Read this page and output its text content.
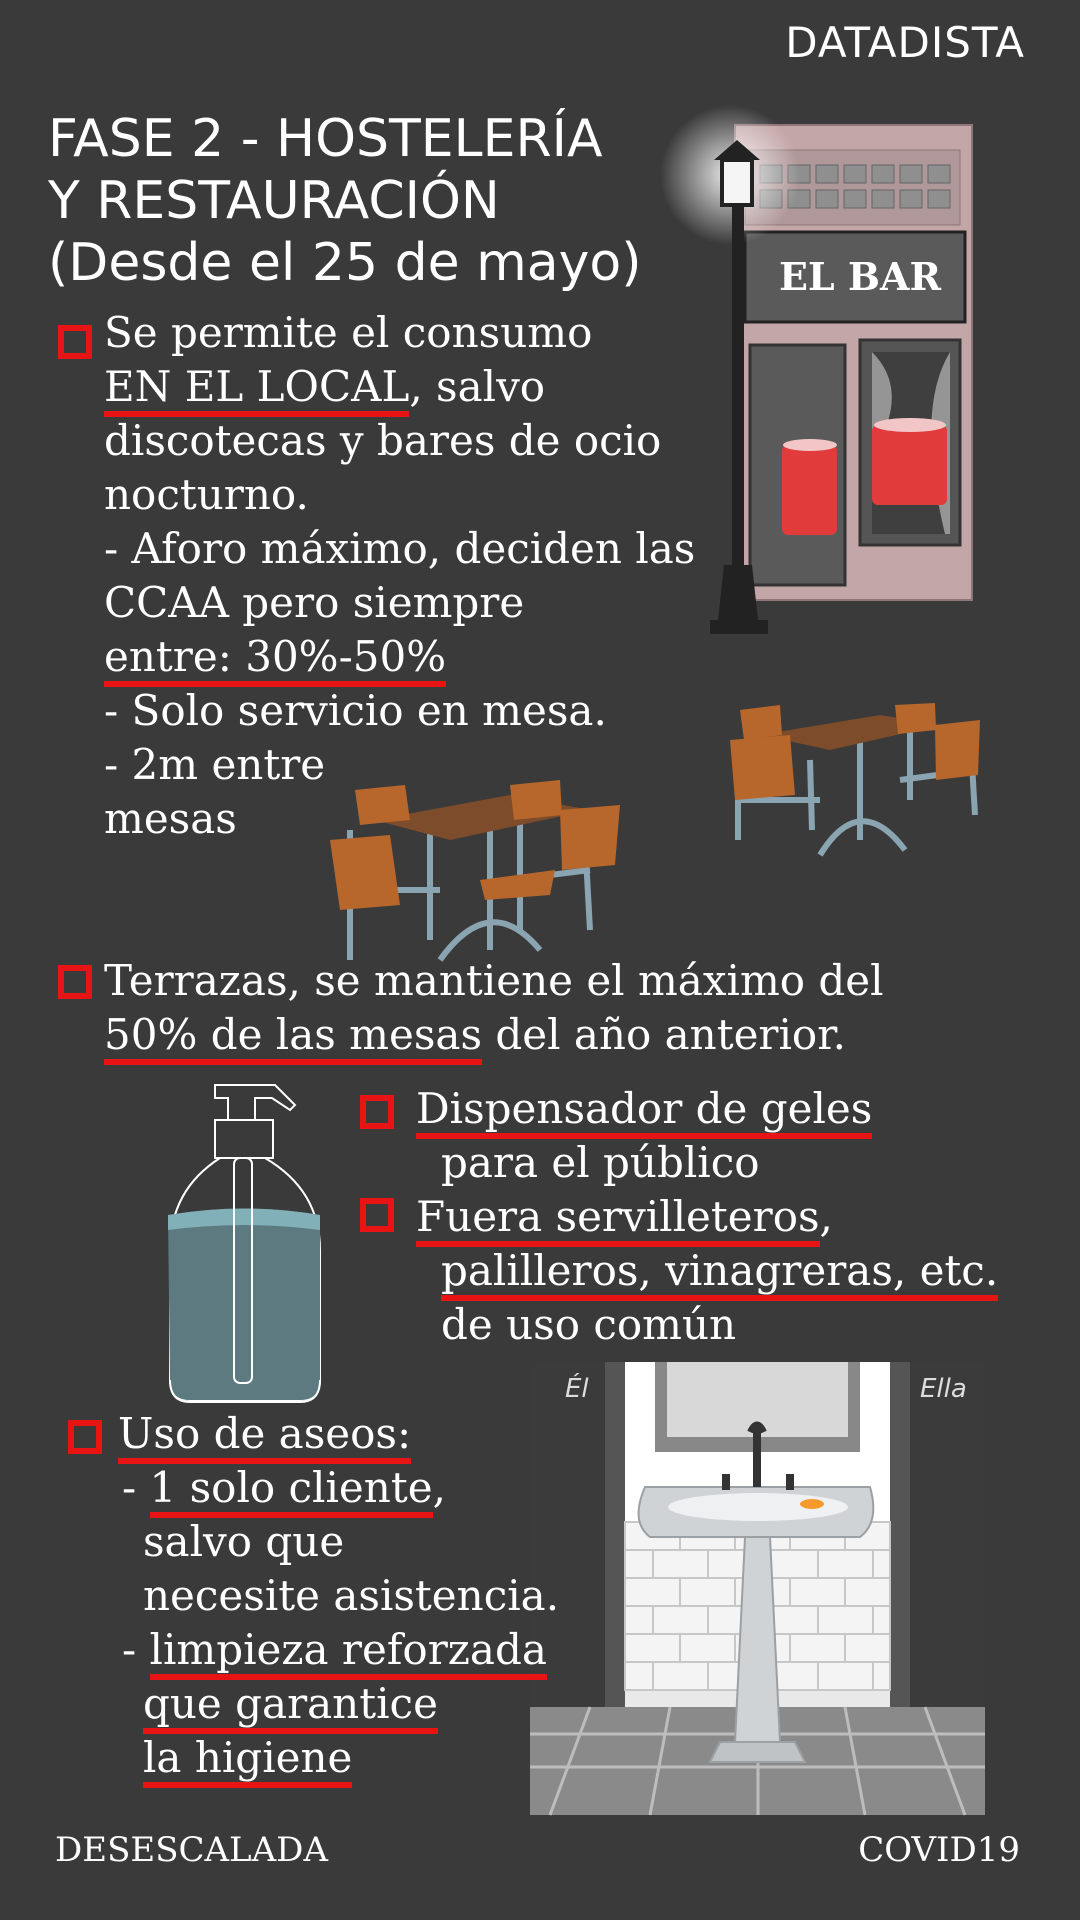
DATADISTA
FASE 2 - HOSTELERÍA
Y RESTAURACIÓN
(Desde el 25 de mayo)	EL BAR
Se permite el consumo
EN EL LOCAL, salvo
discotecas y bares de ocio
nocturno.
- Aforo máximo, deciden las
CCAA pero siempre
entre: 30%-50%
- Solo servicio en mesa.
- 2m entre
mesas
Terrazas, se mantiene el máximo del
50% de las mesas del año anterior.
Dispensador de geles
para el público
Fuera servilleteros,
palilleros, vinagreras, etc.
de uso común
Él	Ella
Uso de aseos:
- 1 solo cliente,
salvo que
necesite asistencia.
- limpieza reforzada
que garantice
la higiene
DESESCALADA	COVID19
